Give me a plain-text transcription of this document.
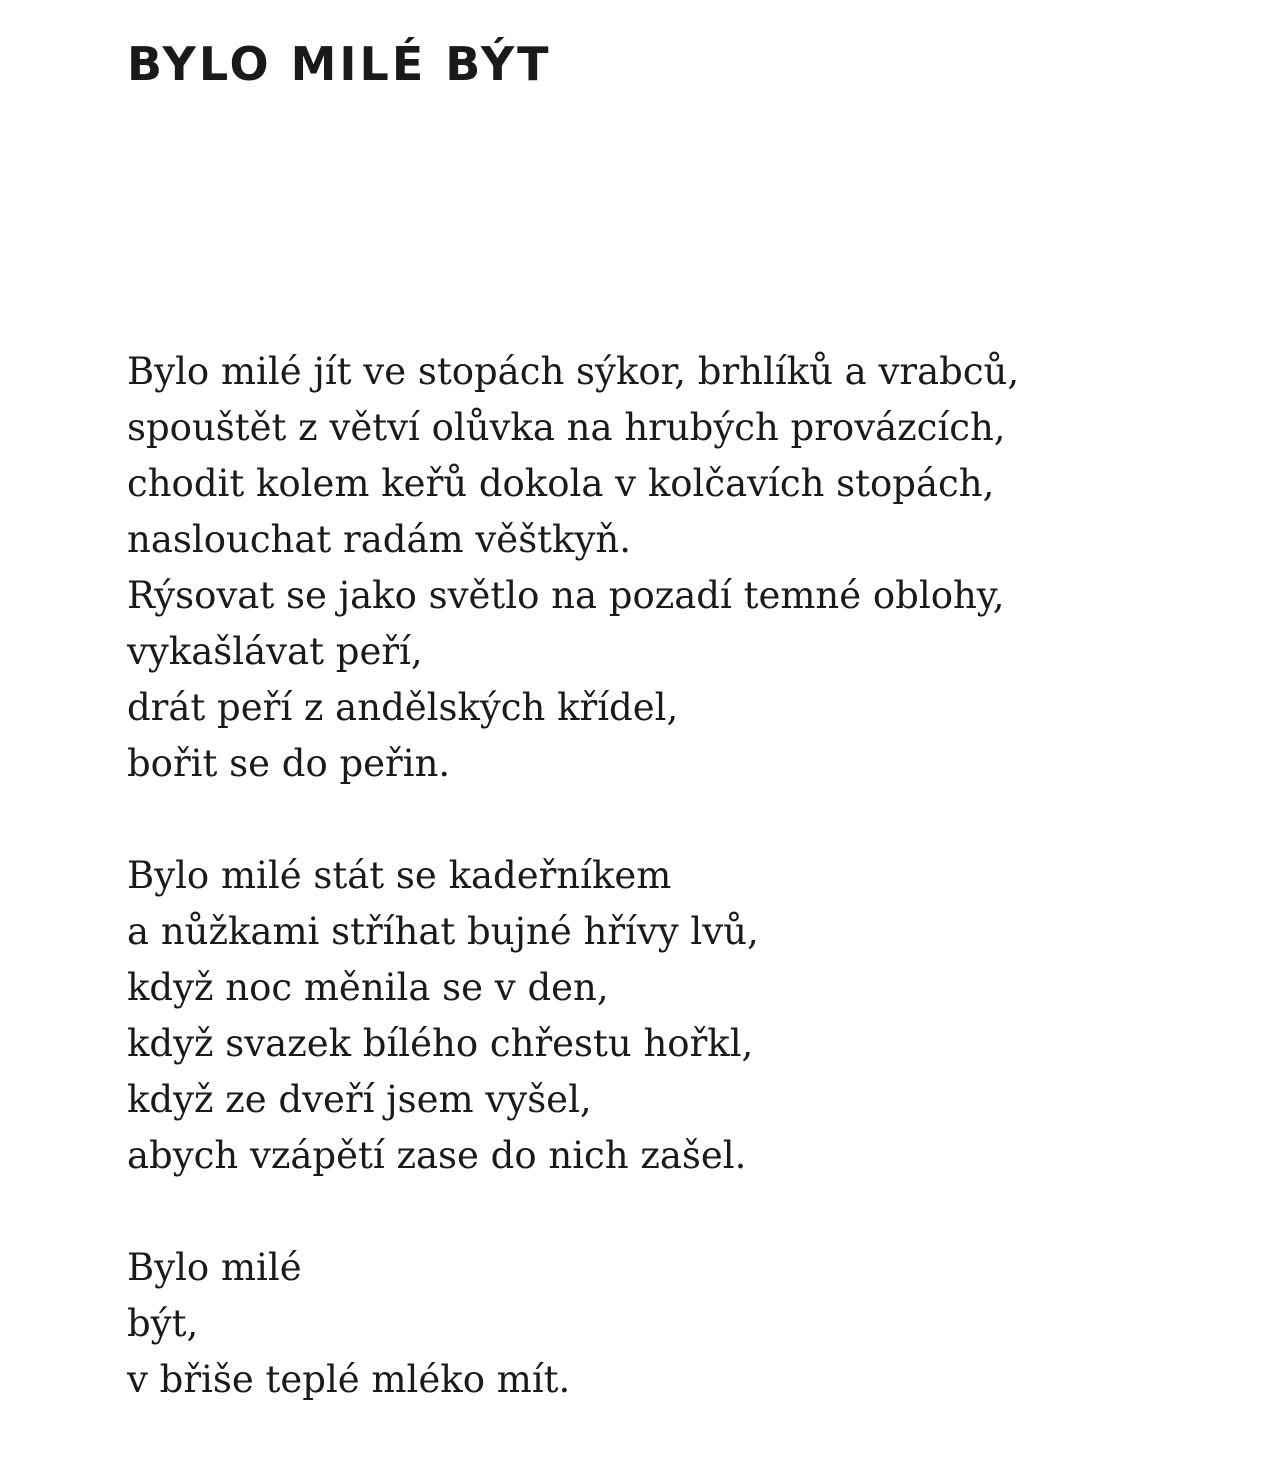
BYLO MILÉ BÝT
Bylo milé jít ve stopách sýkor, brhlíků a vrabců,
spouštět z větví olůvka na hrubých provázcích,
chodit kolem keřů dokola v kolčavích stopách,
naslouchat radám věštkyň.
Rýsovat se jako světlo na pozadí temné oblohy,
vykašlávat peří,
drát peří z andělských křídel,
bořit se do peřin.
Bylo milé stát se kadeřníkem
a nůžkami stříhat bujné hřívy lvů,
když noc měnila se v den,
když svazek bílého chřestu hořkl,
když ze dveří jsem vyšel,
abych vzápětí zase do nich zašel.
Bylo milé
být,
v břiše teplé mléko mít.
